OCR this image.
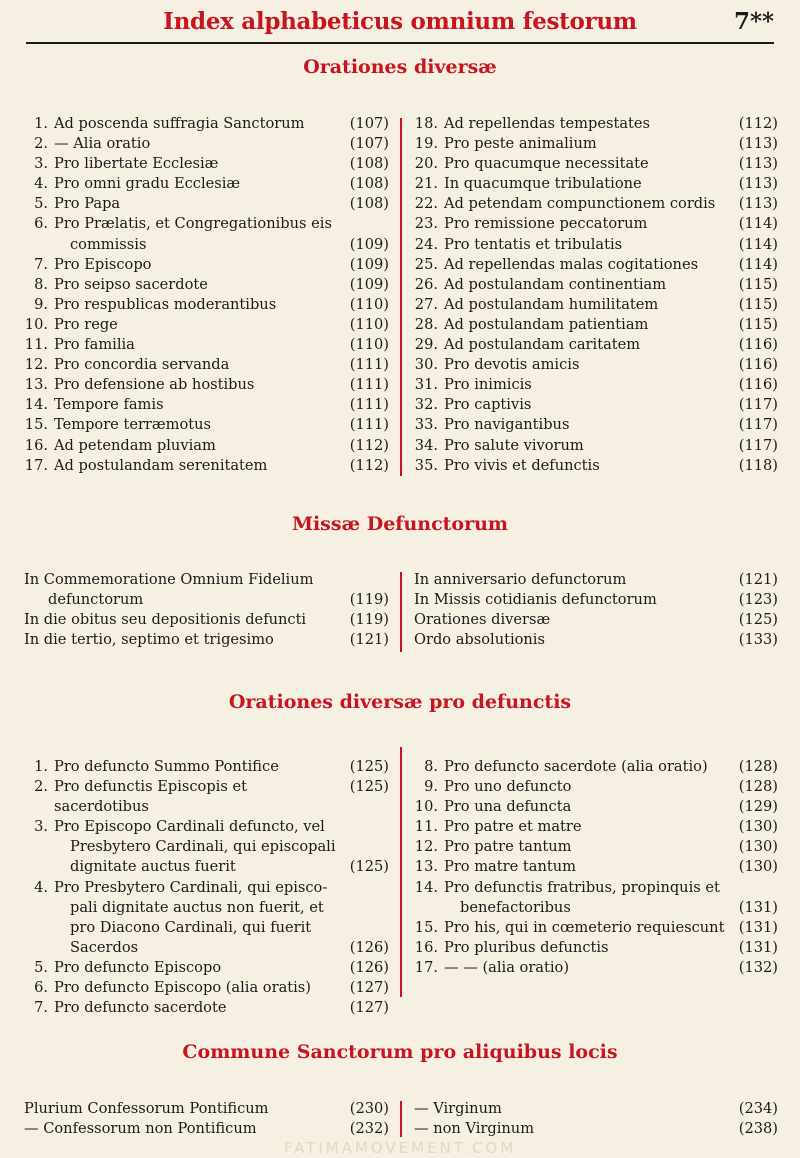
Index alphabeticus omnium festorum	7**
Orationes diversæ
1. Ad poscenda suffragia Sanctorum	(107)
2. — Alia oratio	(107)
3. Pro libertate Ecclesiæ	(108)
4. Pro omni gradu Ecclesiæ	(108)
5. Pro Papa	(108)
6. Pro Prælatis, et Congregationibus eis
commissis	(109)
7. Pro Episcopo	(109)
8. Pro seipso sacerdote	(109)
9. Pro respublicas moderantibus	(110)
10. Pro rege	(110)
11. Pro familia	(110)
12. Pro concordia servanda	(111)
13. Pro defensione ab hostibus	(111)
14. Tempore famis	(111)
15. Tempore terræmotus	(111)
16. Ad petendam pluviam	(112)
17. Ad postulandam serenitatem	(112)
18. Ad repellendas tempestates	(112)
19. Pro peste animalium	(113)
20. Pro quacumque necessitate	(113)
21. In quacumque tribulatione	(113)
22. Ad petendam compunctionem cordis	(113)
23. Pro remissione peccatorum	(114)
24. Pro tentatis et tribulatis	(114)
25. Ad repellendas malas cogitationes	(114)
26. Ad postulandam continentiam	(115)
27. Ad postulandam humilitatem	(115)
28. Ad postulandam patientiam	(115)
29. Ad postulandam caritatem	(116)
30. Pro devotis amicis	(116)
31. Pro inimicis	(116)
32. Pro captivis	(117)
33. Pro navigantibus	(117)
34. Pro salute vivorum	(117)
35. Pro vivis et defunctis	(118)
Missæ Defunctorum
In Commemoratione Omnium Fidelium
defunctorum	(119)
In die obitus seu depositionis defuncti	(119)
In die tertio, septimo et trigesimo	(121)
In anniversario defunctorum	(121)
In Missis cotidianis defunctorum	(123)
Orationes diversæ	(125)
Ordo absolutionis	(133)
Orationes diversæ pro defunctis
1. Pro defuncto Summo Pontifice	(125)
2. Pro defunctis Episcopis et sacerdotibus
(125)
3. Pro Episcopo Cardinali defuncto, vel
Presbytero Cardinali, qui episcopali
dignitate auctus fuerit	(125)
4. Pro Presbytero Cardinali, qui episco-
pali dignitate auctus non fuerit, et
pro Diacono Cardinali, qui fuerit
Sacerdos	(126)
5. Pro defuncto Episcopo	(126)
6. Pro defuncto Episcopo (alia oratis)	(127)
7. Pro defuncto sacerdote	(127)
8. Pro defuncto sacerdote (alia oratio)	(128)
9. Pro uno defuncto	(128)
10. Pro una defuncta	(129)
11. Pro patre et matre	(130)
12. Pro patre tantum	(130)
13. Pro matre tantum	(130)
14. Pro defunctis fratribus, propinquis et
benefactoribus	(131)
15. Pro his, qui in cœmeterio requiescunt (131)
16. Pro pluribus defunctis	(131)
17. — — (alia oratio)	(132)
Commune Sanctorum pro aliquibus locis
Plurium Confessorum Pontificum	(230)
— Confessorum non Pontificum	(232)
— Virginum	(234)
— non Virginum	(238)
FATIMAMOVEMENT.COM
